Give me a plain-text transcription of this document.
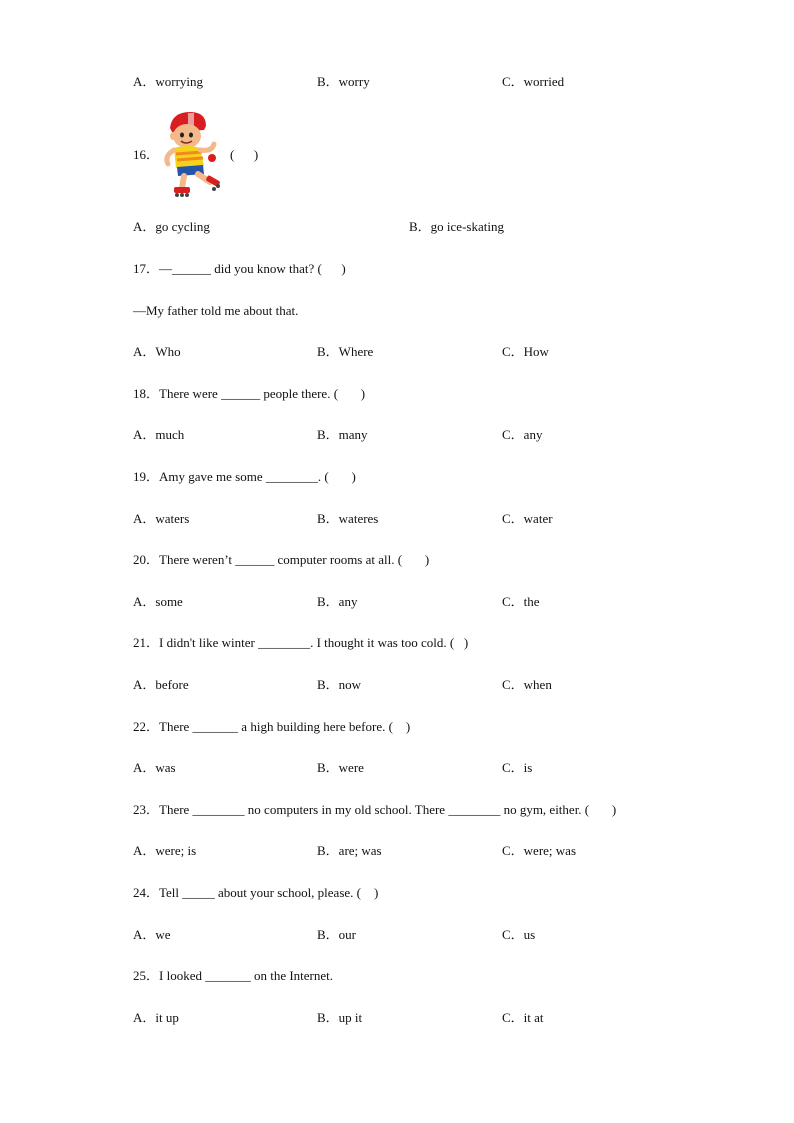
A．worrying	B．worry	C．worried
16．	(      )
A．go cycling	B．go ice-skating
17．—______ did you know that? (      )
—My father told me about that.
A．Who	B．Where	C．How
18．There were ______ people there. (       )
A．much	B．many	C．any
19．Amy gave me some ________. (       )
A．waters	B．wateres	C．water
20．There weren’t ______ computer rooms at all. (       )
A．some	B．any	C．the
21．I didn't like winter ________. I thought it was too cold. (   )
A．before	B．now	C．when
22．There _______ a high building here before. (    )
A．was	B．were	C．is
23．There ________ no computers in my old school. There ________ no gym, either. (       )
A．were; is	B．are; was	C．were; was
24．Tell _____ about your school, please. (    )
A．we	B．our	C．us
25．I looked _______ on the Internet.
A．it up	B．up it	C．it at
